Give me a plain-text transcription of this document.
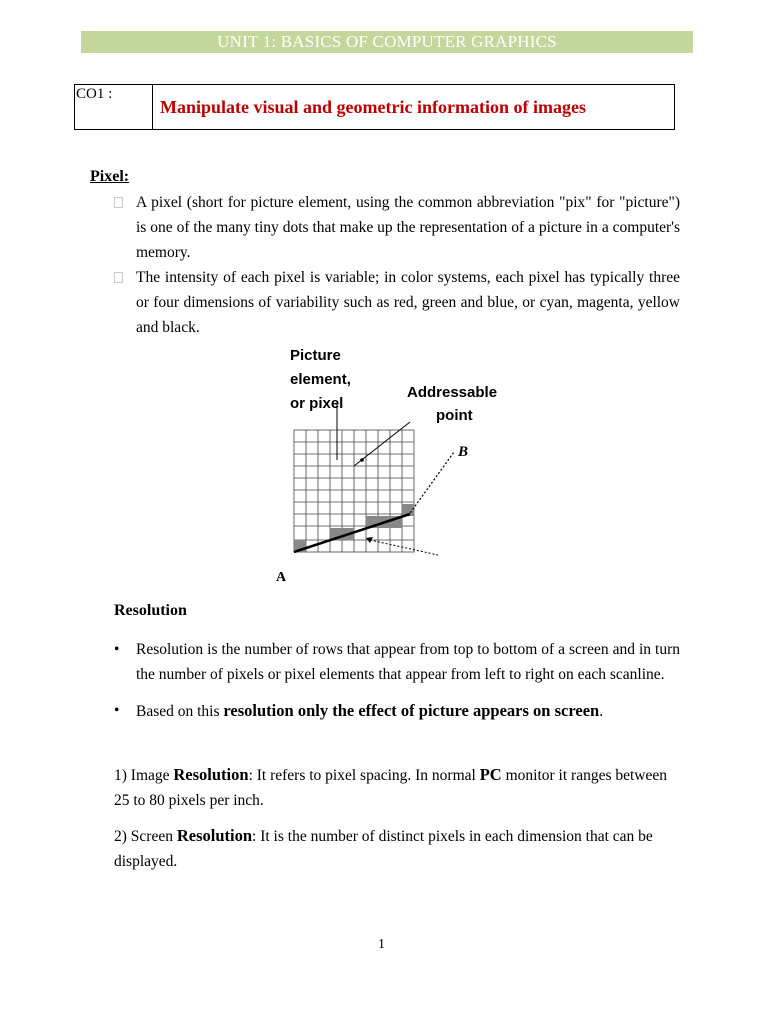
UNIT 1: BASICS OF COMPUTER GRAPHICS
CO1 :
Manipulate visual and geometric information of images
Pixel:
A pixel (short for picture element, using the common abbreviation "pix" for "picture") is one of the many tiny dots that make up the representation of a picture in a computer's memory.
The intensity of each pixel is variable; in color systems, each pixel has typically three or four dimensions of variability such as red, green and blue, or cyan, magenta, yellow and black.
Picture element, or pixel
Addressable point
B
A
Resolution
• Resolution is the number of rows that appear from top to bottom of a screen and in turn the number of pixels or pixel elements that appear from left to right on each scanline.
• Based on this resolution only the effect of picture appears on screen.
1) Image Resolution: It refers to pixel spacing. In normal PC monitor it ranges between 25 to 80 pixels per inch.
2) Screen Resolution: It is the number of distinct pixels in each dimension that can be displayed.
1
